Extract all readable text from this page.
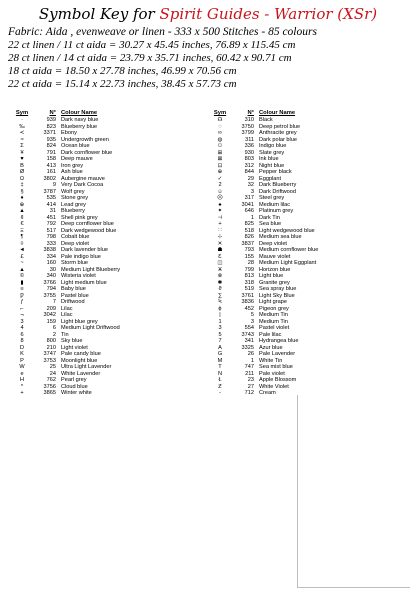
Symbol Key for Spirit Guides - Warrior (XSr)
Fabric: Aida , evenweave or linen - 333 x 500 Stitches - 85 colours
22 ct linen / 11 ct aida = 30.27 x 45.45 inches, 76.89 x 115.45 cm
28 ct linen / 14 ct aida = 23.79 x 35.71 inches, 60.42 x 90.71 cm
18 ct aida = 18.50 x 27.78 inches, 46.99 x 70.56 cm
22 ct aida = 15.14 x 22.73 inches, 38.45 x 57.73 cm
Sym	N° Colour Name
·	939 Dark navy blue
‰	823 Blueberry blue
≺	3371 Ebony
≈	935 Undergrowth green
Ʃ	824 Ocean blue
¥	791 Dark cornflower blue
♥	158 Deep mauve
B	413 Iron grey
Ø	161 Ash blue
Ω	3802 Aubergine mauve
‡	9 Very Dark Cocoa
§	3787 Wolf grey
♦	535 Stone grey
⊕	414 Lead grey
▲	31 Blueberry
¢	451 Shell pink grey
€	792 Deep cornflower blue
Ξ	517 Dark wedgewood blue
¶	798 Cobalt blue
◊	333 Deep violet
◄	3838 Dark lavender blue
£	334 Pale indigo blue
~	160 Storm blue
▲	30 Medium Light Blueberry
©	340 Wisteria violet
▮	3766 Light medium blue
≡	794 Baby blue
Ƿ	3755 Pastel blue
ƒ	7 Driftwood
⌐	209 Lilac
¬	3042 Lilac
3	159 Light blue grey
4	6 Medium Light Driftwood
6	2 Tin
8	800 Sky blue
D	210 Light violet
K	3747 Pale candy blue
P	3753 Moonlight blue
W	25 Ultra Light Lavender
e	24 White Lavender
H	762 Pearl grey
*	3756 Cloud blue
+	3865 Winter white
Sym	N° Colour Name
☊	310 Black
◌	3750 Deep petrol blue
∞	3799 Anthracite grey
◍	311 Dark polar blue
⚇	336 Indigo blue
⊞	930 Slate grey
⊠	803 Ink blue
⊡	312 Night blue
⊕	844 Pepper black
✓	29 Eggplant
2	32 Dark Blueberry
☺	3 Dark Driftwood
☹	317 Steel grey
♠	3041 Medium lilac
✦	646 Platinum grey
⊣	1 Dark Tin
+	825 Sea blue
∷	518 Light wedgewood blue
⊹	826 Medium sea blue
✕	3837 Deep violet
☗	793 Medium cornflower blue
Ɛ	155 Mauve violet
◫	28 Medium Light Eggplant
Ӿ	799 Horizon blue
⊗	813 Light blue
✱	318 Granite grey
ϑ	519 Sea spray blue
∑	3761 Light Sky Blue
Ϟ	3836 Light grape
ϕ	452 Pigeon grey
|	5 Medium Tin
1	3 Medium Tin
3	554 Pastel violet
5	3743 Pale lilac
7	341 Hydrangea blue
A	3325 Azur blue
G	26 Pale Lavender
M	1 White Tin
T	747 Sea mist blue
N	211 Pale violet
Ł	23 Apple Blossom
Ƶ	27 White Violet
-	712 Cream
